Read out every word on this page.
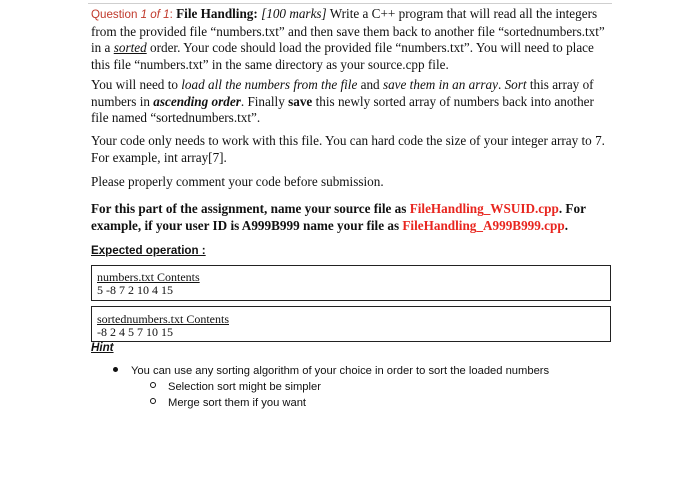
Question 1 of 1: File Handling: [100 marks] Write a C++ program that will read all the integers from the provided file “numbers.txt” and then save them back to another file “sortednumbers.txt” in a sorted order. Your code should load the provided file “numbers.txt”. You will need to place this file “numbers.txt” in the same directory as your source.cpp file.
You will need to load all the numbers from the file and save them in an array. Sort this array of numbers in ascending order. Finally save this newly sorted array of numbers back into another file named “sortednumbers.txt”.
Your code only needs to work with this file. You can hard code the size of your integer array to 7. For example, int array[7].
Please properly comment your code before submission.
For this part of the assignment, name your source file as FileHandling_WSUID.cpp. For example, if your user ID is A999B999 name your file as FileHandling_A999B999.cpp.
Expected operation :
numbers.txt Contents
5 -8 7 2 10 4 15
sortednumbers.txt Contents
-8 2 4 5 7 10 15
Hint
You can use any sorting algorithm of your choice in order to sort the loaded numbers
Selection sort might be simpler
Merge sort them if you want
